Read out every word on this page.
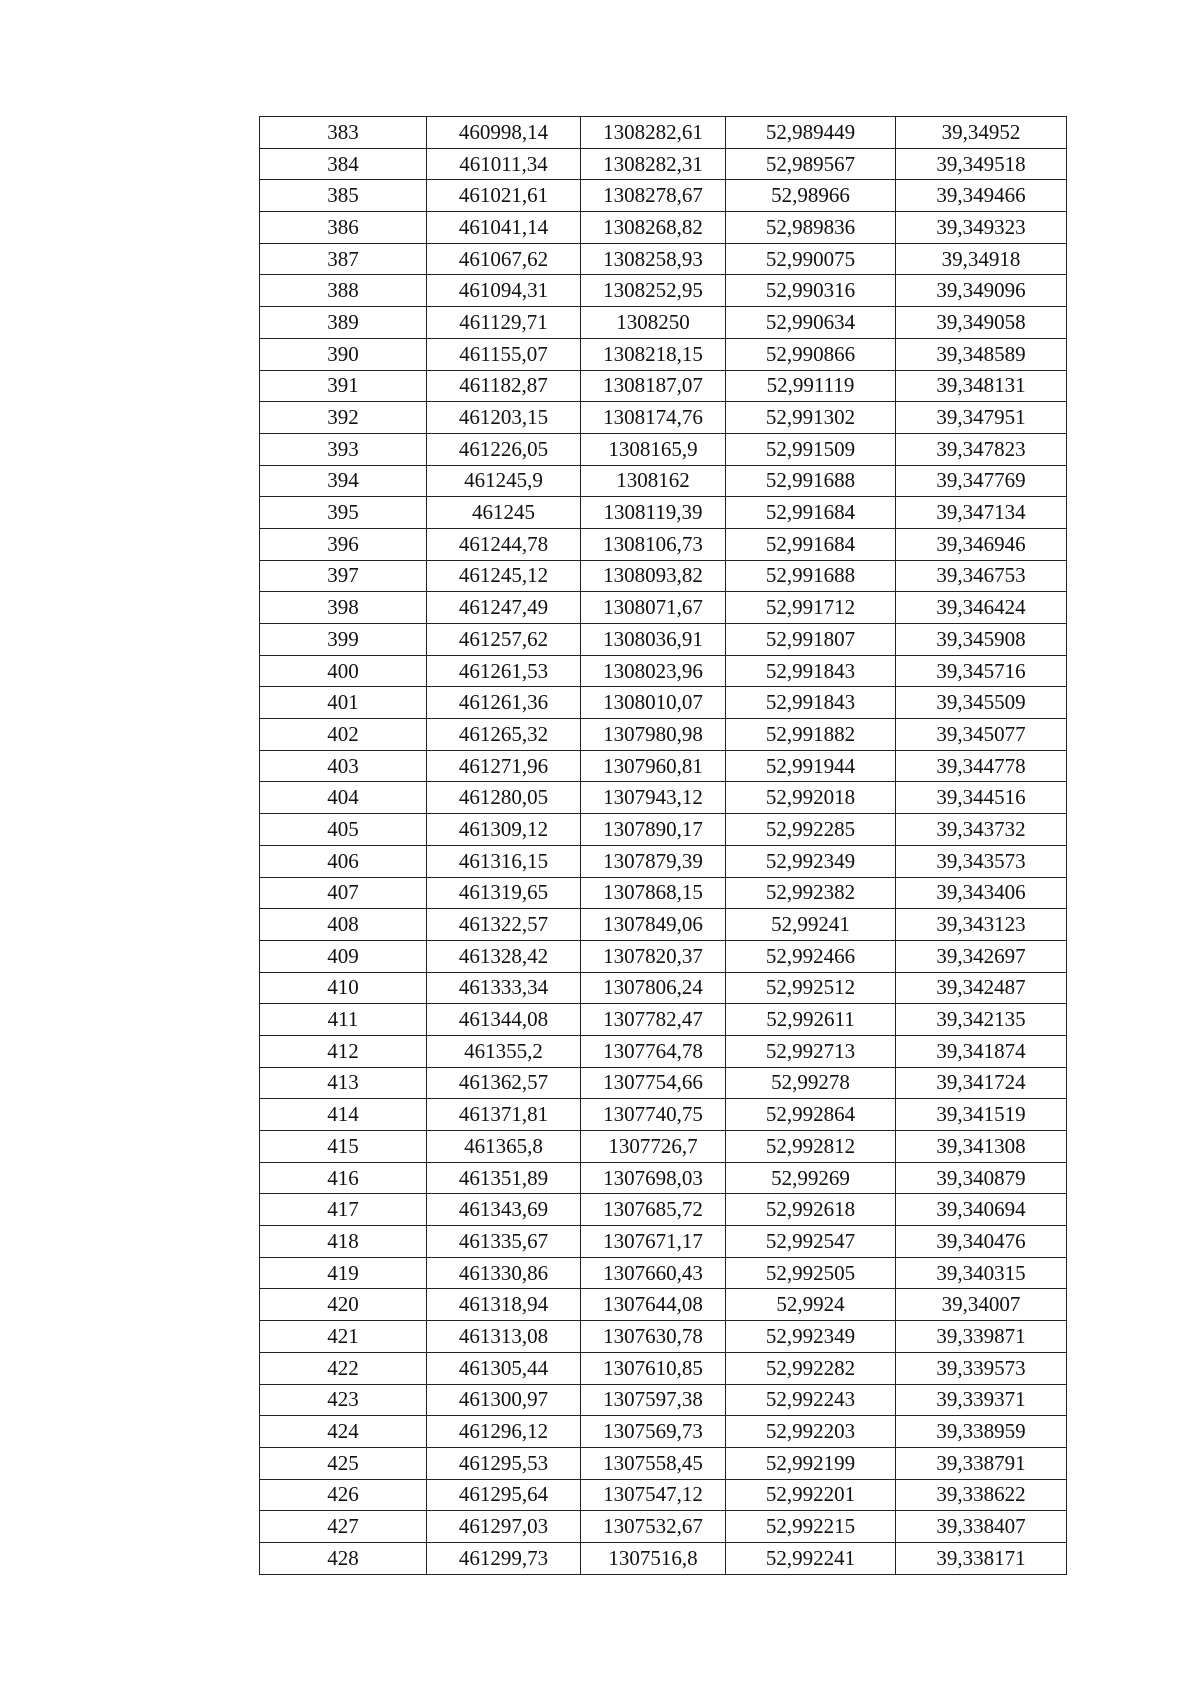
383	460998,14	1308282,61	52,989449	39,34952
384	461011,34	1308282,31	52,989567	39,349518
385	461021,61	1308278,67	52,98966	39,349466
386	461041,14	1308268,82	52,989836	39,349323
387	461067,62	1308258,93	52,990075	39,34918
388	461094,31	1308252,95	52,990316	39,349096
389	461129,71	1308250	52,990634	39,349058
390	461155,07	1308218,15	52,990866	39,348589
391	461182,87	1308187,07	52,991119	39,348131
392	461203,15	1308174,76	52,991302	39,347951
393	461226,05	1308165,9	52,991509	39,347823
394	461245,9	1308162	52,991688	39,347769
395	461245	1308119,39	52,991684	39,347134
396	461244,78	1308106,73	52,991684	39,346946
397	461245,12	1308093,82	52,991688	39,346753
398	461247,49	1308071,67	52,991712	39,346424
399	461257,62	1308036,91	52,991807	39,345908
400	461261,53	1308023,96	52,991843	39,345716
401	461261,36	1308010,07	52,991843	39,345509
402	461265,32	1307980,98	52,991882	39,345077
403	461271,96	1307960,81	52,991944	39,344778
404	461280,05	1307943,12	52,992018	39,344516
405	461309,12	1307890,17	52,992285	39,343732
406	461316,15	1307879,39	52,992349	39,343573
407	461319,65	1307868,15	52,992382	39,343406
408	461322,57	1307849,06	52,99241	39,343123
409	461328,42	1307820,37	52,992466	39,342697
410	461333,34	1307806,24	52,992512	39,342487
411	461344,08	1307782,47	52,992611	39,342135
412	461355,2	1307764,78	52,992713	39,341874
413	461362,57	1307754,66	52,99278	39,341724
414	461371,81	1307740,75	52,992864	39,341519
415	461365,8	1307726,7	52,992812	39,341308
416	461351,89	1307698,03	52,99269	39,340879
417	461343,69	1307685,72	52,992618	39,340694
418	461335,67	1307671,17	52,992547	39,340476
419	461330,86	1307660,43	52,992505	39,340315
420	461318,94	1307644,08	52,9924	39,34007
421	461313,08	1307630,78	52,992349	39,339871
422	461305,44	1307610,85	52,992282	39,339573
423	461300,97	1307597,38	52,992243	39,339371
424	461296,12	1307569,73	52,992203	39,338959
425	461295,53	1307558,45	52,992199	39,338791
426	461295,64	1307547,12	52,992201	39,338622
427	461297,03	1307532,67	52,992215	39,338407
428	461299,73	1307516,8	52,992241	39,338171
